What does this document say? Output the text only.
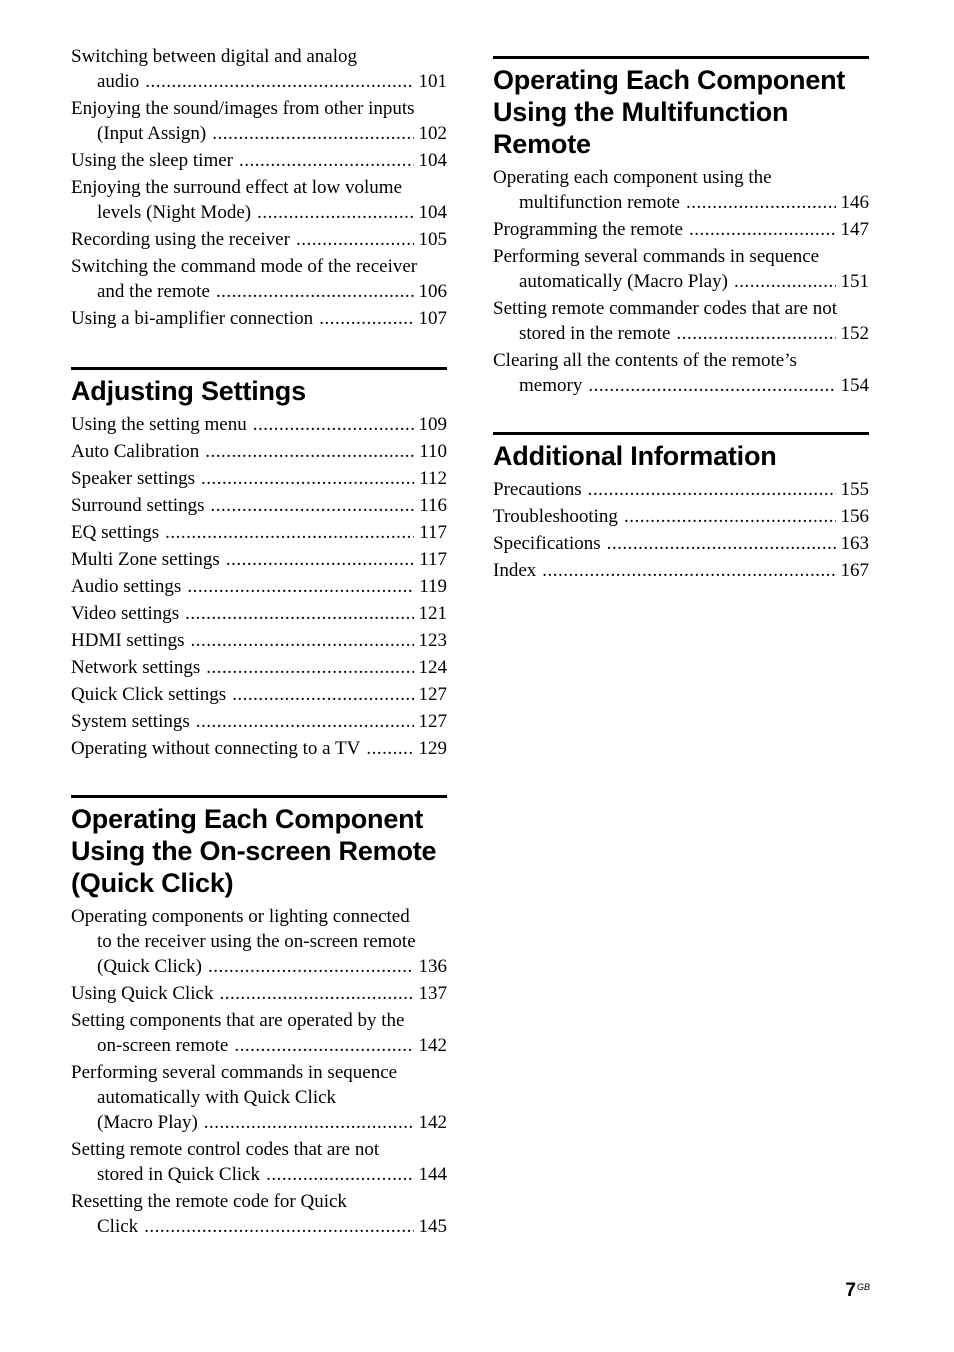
Switching between digital and analog
audio .....	101
Enjoying the sound/images from other inputs
(Input Assign) .....	102
Using the sleep timer .....	104
Enjoying the surround effect at low volume
levels (Night Mode) .....	104
Recording using the receiver .....	105
Switching the command mode of the receiver
and the remote .....	106
Using a bi-amplifier connection .....	107
Adjusting Settings
Using the setting menu .....	109
Auto Calibration .....	110
Speaker settings .....	112
Surround settings .....	116
EQ settings .....	117
Multi Zone settings .....	117
Audio settings .....	119
Video settings .....	121
HDMI settings .....	123
Network settings .....	124
Quick Click settings .....	127
System settings .....	127
Operating without connecting to a TV .....	129
Operating Each Component
Using the On-screen Remote
(Quick Click)
Operating components or lighting connected
to the receiver using the on-screen remote
(Quick Click) .....	136
Using Quick Click .....	137
Setting components that are operated by the
on-screen remote .....	142
Performing several commands in sequence
automatically with Quick Click
(Macro Play) .....	142
Setting remote control codes that are not
stored in Quick Click .....	144
Resetting the remote code for Quick
Click .....	145
Operating Each Component
Using the Multifunction
Remote
Operating each component using the
multifunction remote .....	146
Programming the remote .....	147
Performing several commands in sequence
automatically (Macro Play) .....	151
Setting remote commander codes that are not
stored in the remote .....	152
Clearing all the contents of the remote’s
memory .....	154
Additional Information
Precautions .....	155
Troubleshooting .....	156
Specifications .....	163
Index .....	167
$7^{GB}$
